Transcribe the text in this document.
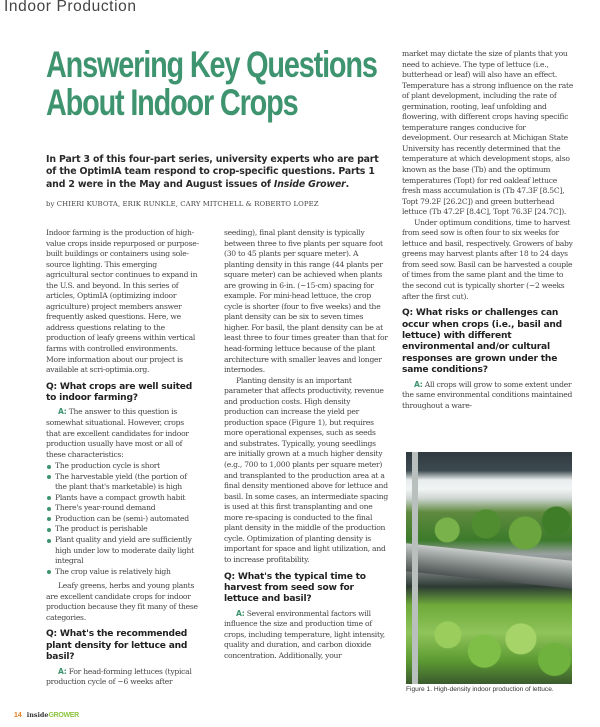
Indoor Production
Answering Key Questions
About Indoor Crops
In Part 3 of this four-part series, university experts who are part of the OptimIA team respond to crop-specific questions. Parts 1 and 2 were in the May and August issues of Inside Grower.
by CHIERI KUBOTA, ERIK RUNKLE, CARY MITCHELL & ROBERTO LOPEZ

Indoor farming is the production of high-value crops inside repurposed or purpose-built buildings or containers using sole-source lighting. This emerging agricultural sector continues to expand in the U.S. and beyond. In this series of articles, OptimIA (optimizing indoor agriculture) project members answer frequently asked questions. Here, we address questions relating to the production of leafy greens within vertical farms with controlled environments. More information about our project is available at scri-optimia.org.

Q: What crops are well suited to indoor farming?

A: The answer to this question is somewhat situational. However, crops that are excellent candidates for indoor production usually have most or all of these characteristics:

The production cycle is short
The harvestable yield (the portion of the plant that's marketable) is high
Plants have a compact growth habit
There's year-round demand
Production can be (semi-) automated
The product is perishable
Plant quality and yield are sufficiently high under low to moderate daily light integral
The crop value is relatively high

Leafy greens, herbs and young plants are excellent candidate crops for indoor production because they fit many of these categories.

Q: What's the recommended plant density for lettuce and basil?

A: For head-forming lettuces (typical production cycle of ~6 weeks after

seeding), final plant density is typically between three to five plants per square foot (30 to 45 plants per square meter). A planting density in this range (44 plants per square meter) can be achieved when plants are growing in 6-in. (~15-cm) spacing for example. For mini-head lettuce, the crop cycle is shorter (four to five weeks) and the plant density can be six to seven times higher. For basil, the plant density can be at least three to four times greater than that for head-forming lettuce because of the plant architecture with smaller leaves and longer internodes.

Planting density is an important parameter that affects productivity, revenue and production costs. High density production can increase the yield per production space (Figure 1), but requires more operational expenses, such as seeds and substrates. Typically, young seedlings are initially grown at a much higher density (e.g., 700 to 1,000 plants per square meter) and transplanted to the production area at a final density mentioned above for lettuce and basil. In some cases, an intermediate spacing is used at this first transplanting and one more re-spacing is conducted to the final plant density in the middle of the production cycle. Optimization of planting density is important for space and light utilization, and to increase profitability.

Q: What's the typical time to harvest from seed sow for lettuce and basil?

A: Several environmental factors will influence the size and production time of crops, including temperature, light intensity, quality and duration, and carbon dioxide concentration. Additionally, your

market may dictate the size of plants that you need to achieve. The type of lettuce (i.e., butterhead or leaf) will also have an effect. Temperature has a strong influence on the rate of plant development, including the rate of germination, rooting, leaf unfolding and flowering, with different crops having specific temperature ranges conducive for development. Our research at Michigan State University has recently determined that the temperature at which development stops, also known as the base (Tb) and the optimum temperatures (Topt) for red oakleaf lettuce fresh mass accumulation is (Tb 47.3F [8.5C], Topt 79.2F [26.2C]) and green butterhead lettuce (Tb 47.2F [8.4C], Topt 76.3F [24.7C]).

Under optimum conditions, time to harvest from seed sow is often four to six weeks for lettuce and basil, respectively. Growers of baby greens may harvest plants after 18 to 24 days from seed sow. Basil can be harvested a couple of times from the same plant and the time to the second cut is typically shorter (~2 weeks after the first cut).

Q: What risks or challenges can occur when crops (i.e., basil and lettuce) with different environmental and/or cultural responses are grown under the same conditions?

A: All crops will grow to some extent under the same environmental conditions maintained throughout a ware-

Figure 1. High-density indoor production of lettuce.
14 insideGROWER
